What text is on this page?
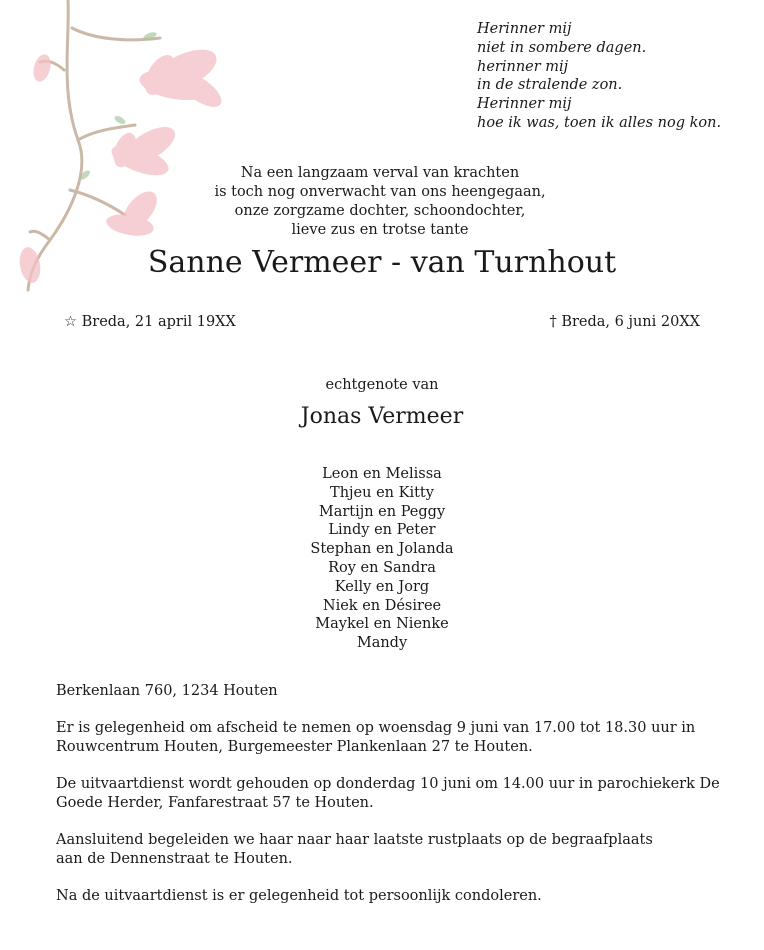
Herinner mij
niet in sombere dagen.
herinner mij
in de stralende zon.
Herinner mij
hoe ik was, toen ik alles nog kon.
Na een langzaam verval van krachten
is toch nog onverwacht van ons heengegaan,
onze zorgzame dochter, schoondochter,
lieve zus en trotse tante
Sanne Vermeer - van Turnhout
☆ Breda, 21 april 19XX	† Breda, 6 juni 20XX
echtgenote van
Jonas Vermeer
Leon en Melissa
Thjeu en Kitty
Martijn en Peggy
Lindy en Peter
Stephan en Jolanda
Roy en Sandra
Kelly en Jorg
Niek en Désiree
Maykel en Nienke
Mandy

Berkenlaan 760, 1234 Houten

Er is gelegenheid om afscheid te nemen op woensdag 9 juni van 17.00 tot 18.30 uur in
Rouwcentrum Houten, Burgemeester Plankenlaan 27 te Houten.

De uitvaartdienst wordt gehouden op donderdag 10 juni om 14.00 uur in parochiekerk De
Goede Herder, Fanfarestraat 57 te Houten.

Aansluitend begeleiden we haar naar haar laatste rustplaats op de begraafplaats
aan de Dennenstraat te Houten.

Na de uitvaartdienst is er gelegenheid tot persoonlijk condoleren.
